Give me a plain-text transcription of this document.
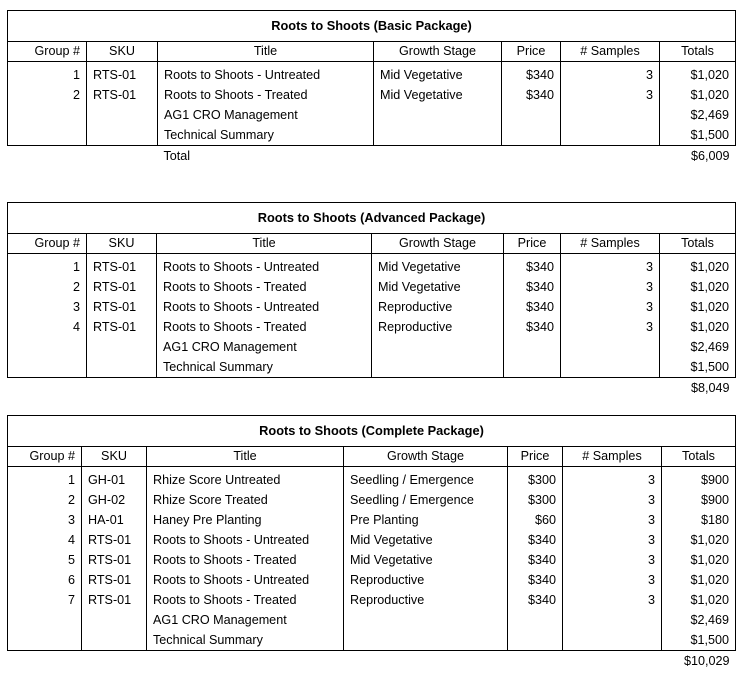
Roots to Shoots (Basic Package)						
Group #	SKU	Title	Growth Stage	Price	# Samples	Totals
1	RTS-01	Roots to Shoots - Untreated	Mid Vegetative	$340	3	$1,020
2	RTS-01	Roots to Shoots - Treated	Mid Vegetative	$340	3	$1,020
		AG1 CRO Management				$2,469
		Technical Summary				$1,500
		Total				$6,009
Roots to Shoots (Advanced Package)						
Group #	SKU	Title	Growth Stage	Price	# Samples	Totals
1	RTS-01	Roots to Shoots - Untreated	Mid Vegetative	$340	3	$1,020
2	RTS-01	Roots to Shoots - Treated	Mid Vegetative	$340	3	$1,020
3	RTS-01	Roots to Shoots - Untreated	Reproductive	$340	3	$1,020
4	RTS-01	Roots to Shoots - Treated	Reproductive	$340	3	$1,020
		AG1 CRO Management				$2,469
		Technical Summary				$1,500
						$8,049
Roots to Shoots (Complete Package)						
Group #	SKU	Title	Growth Stage	Price	# Samples	Totals
1	GH-01	Rhize Score Untreated	Seedling / Emergence	$300	3	$900
2	GH-02	Rhize Score Treated	Seedling / Emergence	$300	3	$900
3	HA-01	Haney Pre Planting	Pre Planting	$60	3	$180
4	RTS-01	Roots to Shoots - Untreated	Mid Vegetative	$340	3	$1,020
5	RTS-01	Roots to Shoots - Treated	Mid Vegetative	$340	3	$1,020
6	RTS-01	Roots to Shoots - Untreated	Reproductive	$340	3	$1,020
7	RTS-01	Roots to Shoots - Treated	Reproductive	$340	3	$1,020
		AG1 CRO Management				$2,469
		Technical Summary				$1,500
						$10,029
